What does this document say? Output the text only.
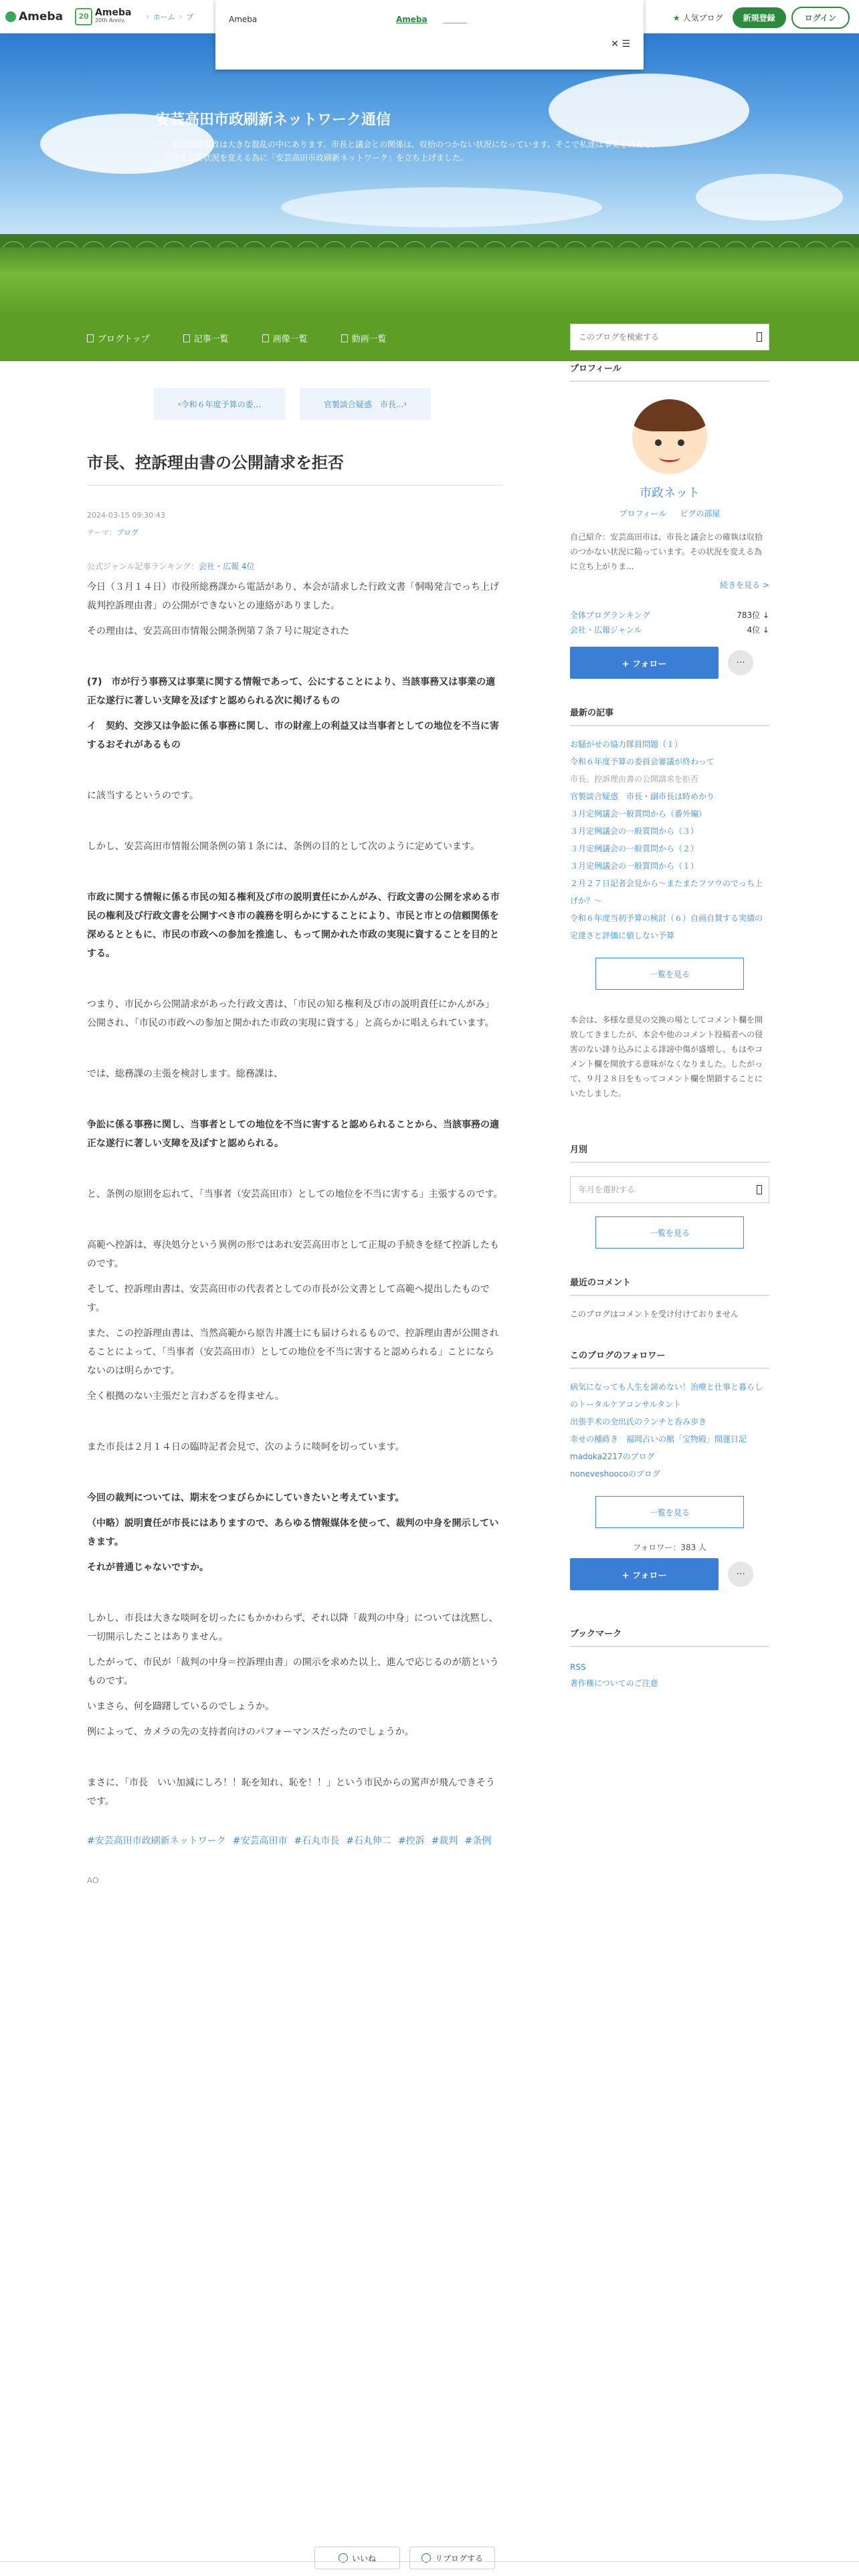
Ameba	20 Ameba
20th Anniv.	› ホーム › ブ	★ 人気ブログ	新規登録	ログイン
Ameba	Ameba
✕ ☰
安芸高田市政刷新ネットワーク通信
今、安芸高田市政は大きな混乱の中にあります。市長と議会との関係は、収拾のつかない状況になっています。そこで私達は事実を共有し、この混乱した状況を変える為に「安芸高田市政刷新ネットワーク」を立ち上げました。
ブログトップ	記事一覧	画像一覧	動画一覧
このブログを検索する
‹ 令和６年度予算の委...	官製談合疑惑　市長... ›
市長、控訴理由書の公開請求を拒否
2024-03-15 09:30:43
テーマ：ブログ
公式ジャンル記事ランキング：会社・広報 4位

今日（３月１４日）市役所総務課から電話があり、本会が請求した行政文書「恫喝発言でっち上げ裁判控訴理由書」の公開ができないとの連絡がありました。

その理由は、安芸高田市情報公開条例第７条７号に規定された

(7)　市が行う事務又は事業に関する情報であって、公にすることにより、当該事務又は事業の適正な遂行に著しい支障を及ぼすと認められる次に掲げるもの

イ　契約、交渉又は争訟に係る事務に関し、市の財産上の利益又は当事者としての地位を不当に害するおそれがあるもの

に該当するというのです。

しかし、安芸高田市情報公開条例の第１条には、条例の目的として次のように定めています。

市政に関する情報に係る市民の知る権利及び市の説明責任にかんがみ、行政文書の公開を求める市民の権利及び行政文書を公開すべき市の義務を明らかにすることにより、市民と市との信頼関係を深めるとともに、市民の市政への参加を推進し、もって開かれた市政の実現に資することを目的とする。

つまり、市民から公開請求があった行政文書は、「市民の知る権利及び市の説明責任にかんがみ」公開され、「市民の市政への参加と開かれた市政の実現に資する」と高らかに唱えられています。

では、総務課の主張を検討します。総務課は、

争訟に係る事務に関し、当事者としての地位を不当に害すると認められることから、当該事務の適正な遂行に著しい支障を及ぼすと認められる。

と、条例の原則を忘れて、「当事者（安芸高田市）としての地位を不当に害する」主張するのです。

高範へ控訴は、専決処分という異例の形ではあれ安芸高田市として正規の手続きを経て控訴したものです。

そして、控訴理由書は、安芸高田市の代表者としての市長が公文書として高範へ提出したものです。

また、この控訴理由書は、当然高範から原告井護士にも届けられるもので、控訴理由書が公開されることによって、「当事者（安芸高田市）としての地位を不当に害すると認められる」ことにならないのは明らかです。

全く根拠のない主張だと言わざるを得ません。

また市長は２月１４日の臨時記者会見で、次のように啖呵を切っています。

今回の裁判については、期末をつまびらかにしていきたいと考えています。

（中略）説明責任が市長にはありますので、あらゆる情報媒体を使って、裁判の中身を開示していきます。

それが普通じゃないですか。

しかし、市長は大きな啖呵を切ったにもかかわらず、それ以降「裁判の中身」については沈黙し、一切開示したことはありません。

したがって、市民が「裁判の中身＝控訴理由書」の開示を求めた以上、進んで応じるのが筋というものです。

いまさら、何を躊躇しているのでしょうか。

例によって、カメラの先の支持者向けのパフォーマンスだったのでしょうか。

まさに、「市長　いい加減にしろ！！恥を知れ、恥を！！」という市民からの罵声が飛んできそうです。

#安芸高田市政刷新ネットワーク #安芸高田市 #石丸市長 #石丸伸二 #控訴 #裁判 #条例
AO
プロフィール
市政ネット
プロフィール ピグの部屋
自己紹介：安芸高田市は、市長と議会との確執は収拾のつかない状況に陥っています。その状況を変える為に立ち上がりま...
続きを見る >
全体ブログランキング	783位 ↓
会社・広報ジャンル	4位 ↓
+ フォロー	···
最新の記事
お騒がせの協力隊員問題（１）
令和６年度予算の委員会審議が終わって
市長、控訴理由書の公開請求を拒否
官製談合疑惑　市長・副市長は時めかり
３月定例議会一般質問から（番外編）
３月定例議会の一般質問から（３）
３月定例議会の一般質問から（２）
３月定例議会の一般質問から（１）
２月２７日記者会見から～またまたフツウのでっち上げか？～
令和６年度当初予算の検討（６）自画自賛する実績の定達さと評価に値しない予算
一覧を見る
本会は、多様な意見の交換の場としてコメント欄を開放してきましたが、本会や他のコメント投稿者への侵害のない誹り込みによる誹謗中傷が盛増し、もはやコメント欄を開放する意味がなくなりました。したがって、９月２８日をもってコメント欄を閉鎖することにいたしました。
月別
年月を選択する
一覧を見る
最近のコメント
このブログはコメントを受け付けておりません
このブログのフォロワー
病気になっても人生を諦めない！治療と仕事と暮らしのトータルケアコンサルタント
出張手术の全出氏のランチと呑み歩き
幸せの種蒔き　福岡占いの館「宝物殿」開運日記
madoka2217のブログ
noneveshoocoのブログ
一覧を見る
フォロワー：383 人
+ フォロー	···
ブックマーク
RSS
著作権についてのご注意
いいね	リブログする
